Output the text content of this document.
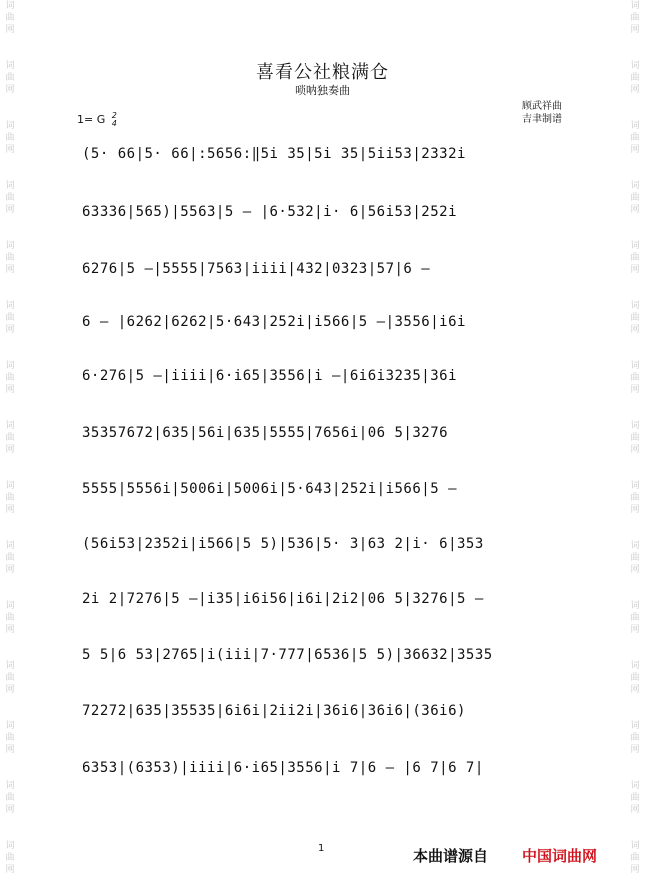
词
曲
网
词
曲
网
词
曲
网
词
曲
网
词
曲
网
词
曲
网
词
曲
网
词
曲
网
词
曲
网
词
曲
网
词
曲
网
词
曲
网
词
曲
网
词
曲
网
词
曲
网
词
曲
网
词
曲
网
词
曲
网
词
曲
网
词
曲
网
词
曲
网
词
曲
网
词
曲
网
词
曲
网
词
曲
网
词
曲
网
词
曲
网
词
曲
网
词
曲
网
词
曲
网
喜看公社粮满仓
唢呐独奏曲
1= G 2
4
顾武祥曲
吉聿制谱
(5· 66|5· 66|:5656:‖5i 35|5i 35|5ii53|2332i
63336|565)|5563|5 — |6·532|i· 6|56i53|252i
6276|5 —|5555|7563|iiii|432|0323|57|6 —
6 — |6262|6262|5·643|252i|i566|5 —|3556|i6i
6·276|5 —|iiii|6·i65|3556|i —|6i6i3235|36i
35357672|635|56i|635|5555|7656i|06 5|3276
5555|5556i|5006i|5006i|5·643|252i|i566|5 —
(56i53|2352i|i566|5 5)|536|5· 3|63 2|i· 6|353
2i 2|7276|5 —|i35|i6i56|i6i|2i2|06 5|3276|5 —
5 5|6 53|2765|i(iii|7·777|6536|5 5)|36632|3535
72272|635|35535|6i6i|2ii2i|36i6|36i6|(36i6)
6353|(6353)|iiii|6·i65|3556|i 7|6 — |6 7|6 7|
1	本曲谱源自 中国词曲网
